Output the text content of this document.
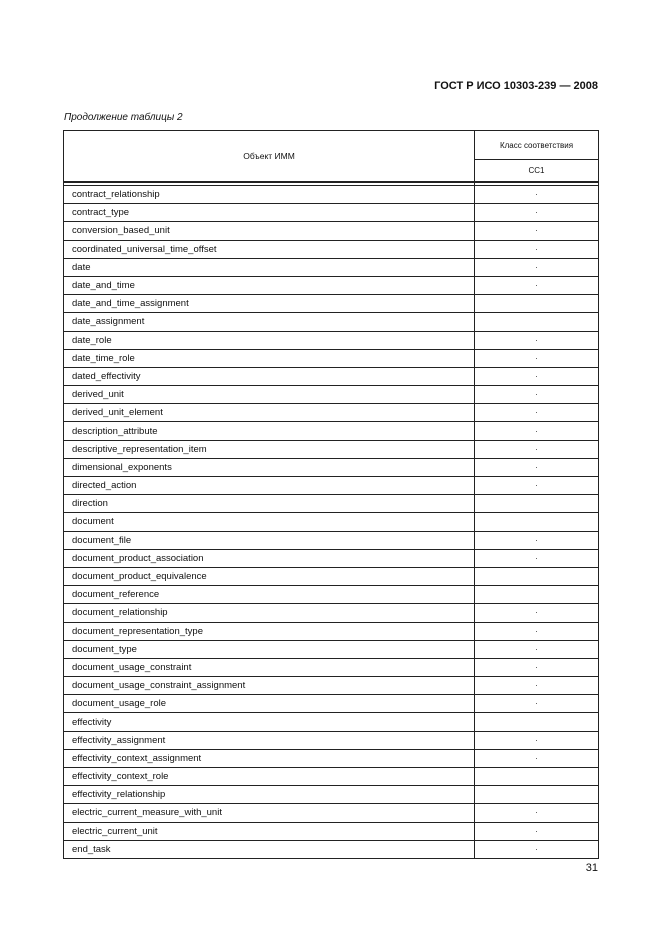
ГОСТ Р ИСО 10303-239 — 2008
Продолжение таблицы 2
Объект ИММ	Класс соответствия
	CC1

contract_relationship	·
contract_type	·
conversion_based_unit	·
coordinated_universal_time_offset	·
date	·
date_and_time	·
date_and_time_assignment	
date_assignment	
date_role	·
date_time_role	·
dated_effectivity	·
derived_unit	·
derived_unit_element	·
description_attribute	·
descriptive_representation_item	·
dimensional_exponents	·
directed_action	·
direction	
document	
document_file	·
document_product_association	·
document_product_equivalence	
document_reference	
document_relationship	·
document_representation_type	·
document_type	·
document_usage_constraint	·
document_usage_constraint_assignment	·
document_usage_role	·
effectivity	
effectivity_assignment	·
effectivity_context_assignment	·
effectivity_context_role	
effectivity_relationship	
electric_current_measure_with_unit	·
electric_current_unit	·
end_task	·
31
